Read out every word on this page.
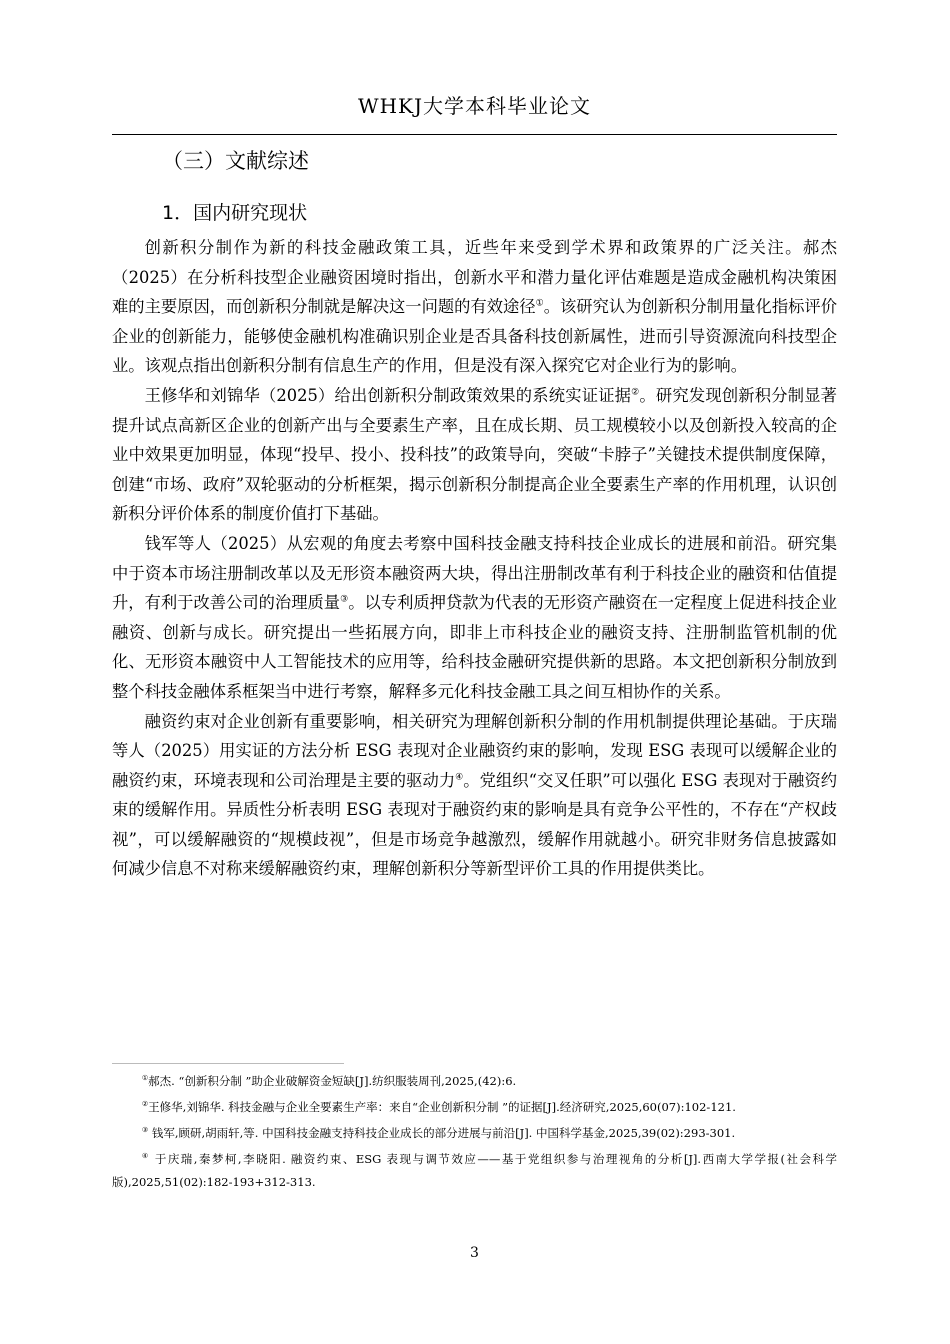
WHKJ大学本科毕业论文
（三）文献综述
1．国内研究现状

创新积分制作为新的科技金融政策工具，近些年来受到学术界和政策界的广泛关注。郝杰（2025）在分析科技型企业融资困境时指出，创新水平和潜力量化评估难题是造成金融机构决策困难的主要原因，而创新积分制就是解决这一问题的有效途径①。该研究认为创新积分制用量化指标评价企业的创新能力，能够使金融机构准确识别企业是否具备科技创新属性，进而引导资源流向科技型企业。该观点指出创新积分制有信息生产的作用，但是没有深入探究它对企业行为的影响。

王修华和刘锦华（2025）给出创新积分制政策效果的系统实证证据②。研究发现创新积分制显著提升试点高新区企业的创新产出与全要素生产率，且在成长期、员工规模较小以及创新投入较高的企业中效果更加明显，体现“投早、投小、投科技”的政策导向，突破“卡脖子”关键技术提供制度保障，创建“市场、政府”双轮驱动的分析框架，揭示创新积分制提高企业全要素生产率的作用机理，认识创新积分评价体系的制度价值打下基础。

钱军等人（2025）从宏观的角度去考察中国科技金融支持科技企业成长的进展和前沿。研究集中于资本市场注册制改革以及无形资本融资两大块，得出注册制改革有利于科技企业的融资和估值提升，有利于改善公司的治理质量③。以专利质押贷款为代表的无形资产融资在一定程度上促进科技企业融资、创新与成长。研究提出一些拓展方向，即非上市科技企业的融资支持、注册制监管机制的优化、无形资本融资中人工智能技术的应用等，给科技金融研究提供新的思路。本文把创新积分制放到整个科技金融体系框架当中进行考察，解释多元化科技金融工具之间互相协作的关系。

融资约束对企业创新有重要影响，相关研究为理解创新积分制的作用机制提供理论基础。于庆瑞等人（2025）用实证的方法分析 ESG 表现对企业融资约束的影响，发现 ESG 表现可以缓解企业的融资约束，环境表现和公司治理是主要的驱动力④。党组织“交叉任职”可以强化 ESG 表现对于融资约束的缓解作用。异质性分析表明 ESG 表现对于融资约束的影响是具有竞争公平性的，不存在“产权歧视”，可以缓解融资的“规模歧视”，但是市场竞争越激烈，缓解作用就越小。研究非财务信息披露如何减少信息不对称来缓解融资约束，理解创新积分等新型评价工具的作用提供类比。

①郝杰. “创新积分制 ”助企业破解资金短缺[J].纺织服装周刊,2025,(42):6.

②王修华,刘锦华. 科技金融与企业全要素生产率：来自“企业创新积分制 ”的证据[J].经济研究,2025,60(07):102-121.

③ 钱军,顾研,胡雨轩,等. 中国科技金融支持科技企业成长的部分进展与前沿[J]. 中国科学基金,2025,39(02):293-301.

④ 于庆瑞,秦梦柯,李晓阳. 融资约束、ESG 表现与调节效应——基于党组织参与治理视角的分析[J].西南大学学报(社会科学版),2025,51(02):182-193+312-313.

3
